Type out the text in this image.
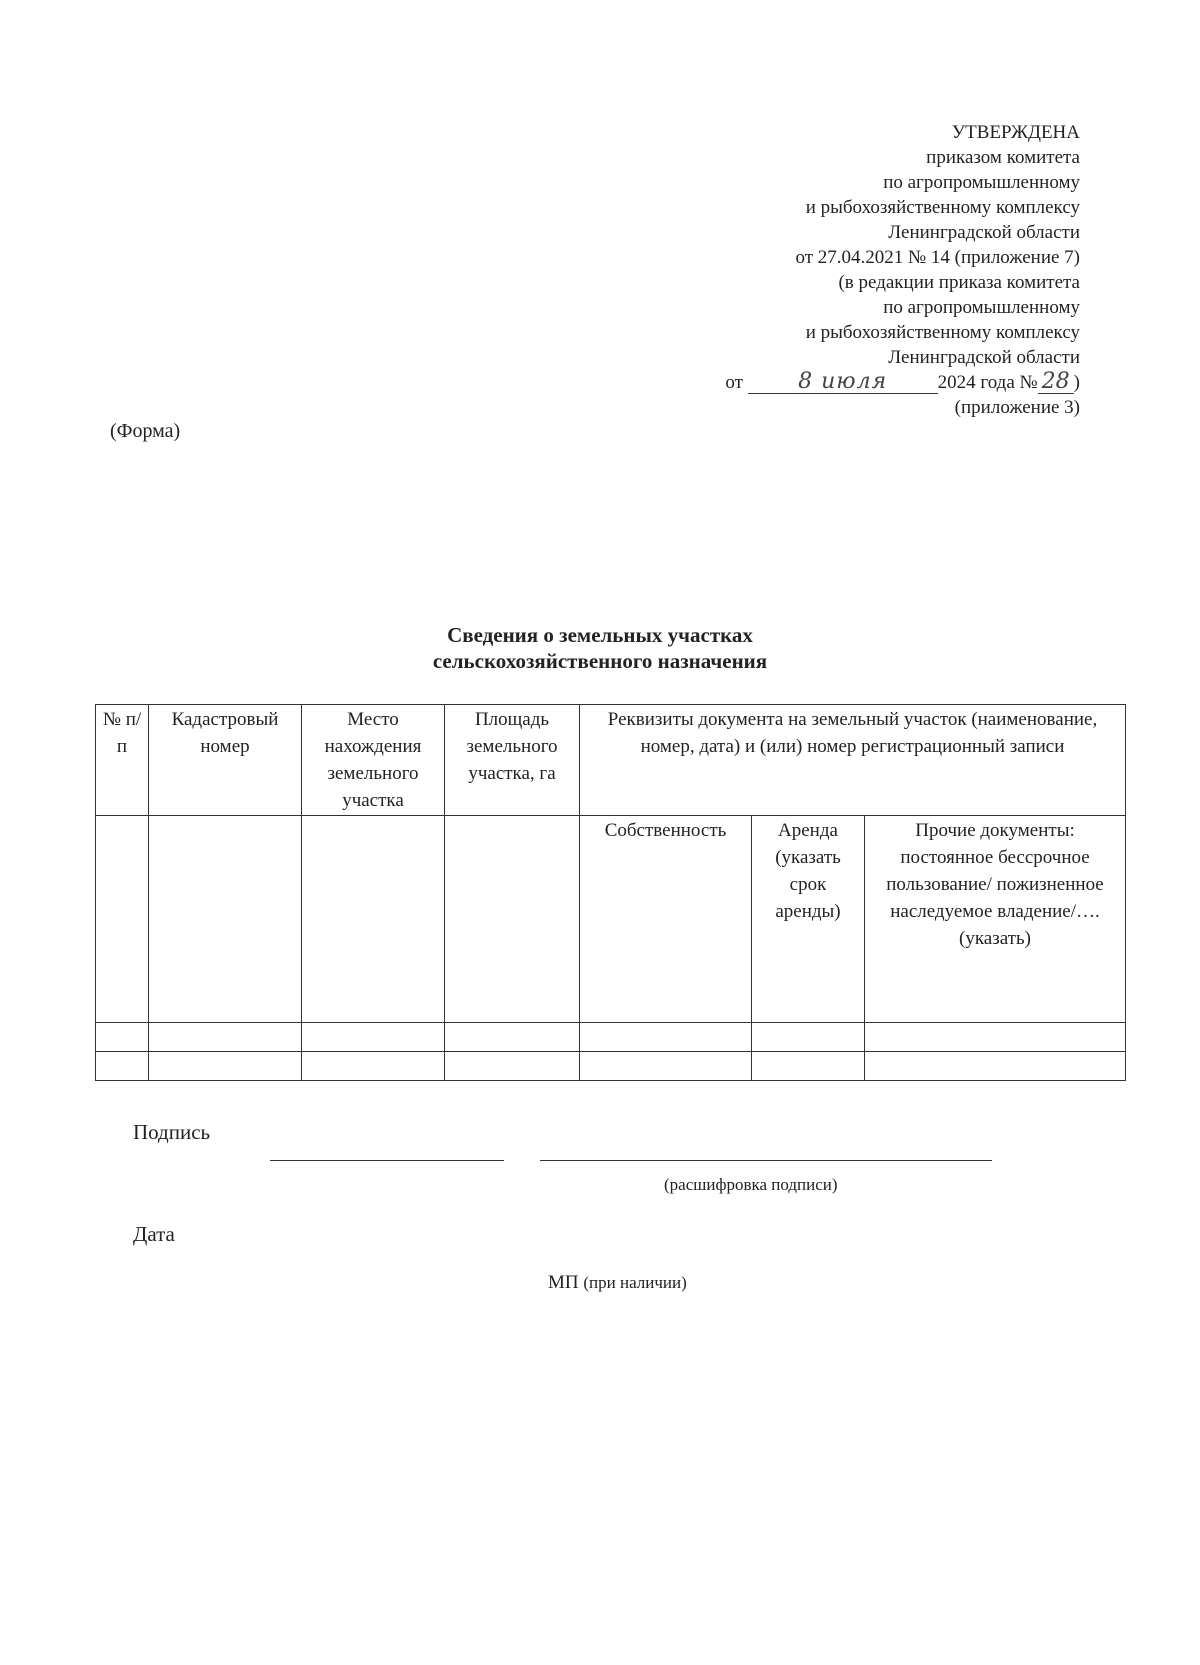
УТВЕРЖДЕНА
приказом комитета
по агропромышленному
и рыбохозяйственному комплексу
Ленинградской области
от 27.04.2021 № 14 (приложение 7)
(в редакции приказа комитета
по агропромышленному
и рыбохозяйственному комплексу
Ленинградской области
от	8 июля	2024 года № 28 )
(приложение 3)
(Форма)
Сведения о земельных участках
сельскохозяйственного назначения
№ п/п	Кадастровый номер	Место нахождения земельного участка	Площадь земельного участка, га	Реквизиты документа на земельный участок (наименование, номер, дата) и (или) номер регистрационный записи		
				Собственность	Аренда (указать срок аренды)	Прочие документы: постоянное бессрочное пользование/ пожизненное наследуемое владение/….(указать)

Подпись
(расшифровка подписи)
Дата
МП (при наличии)
